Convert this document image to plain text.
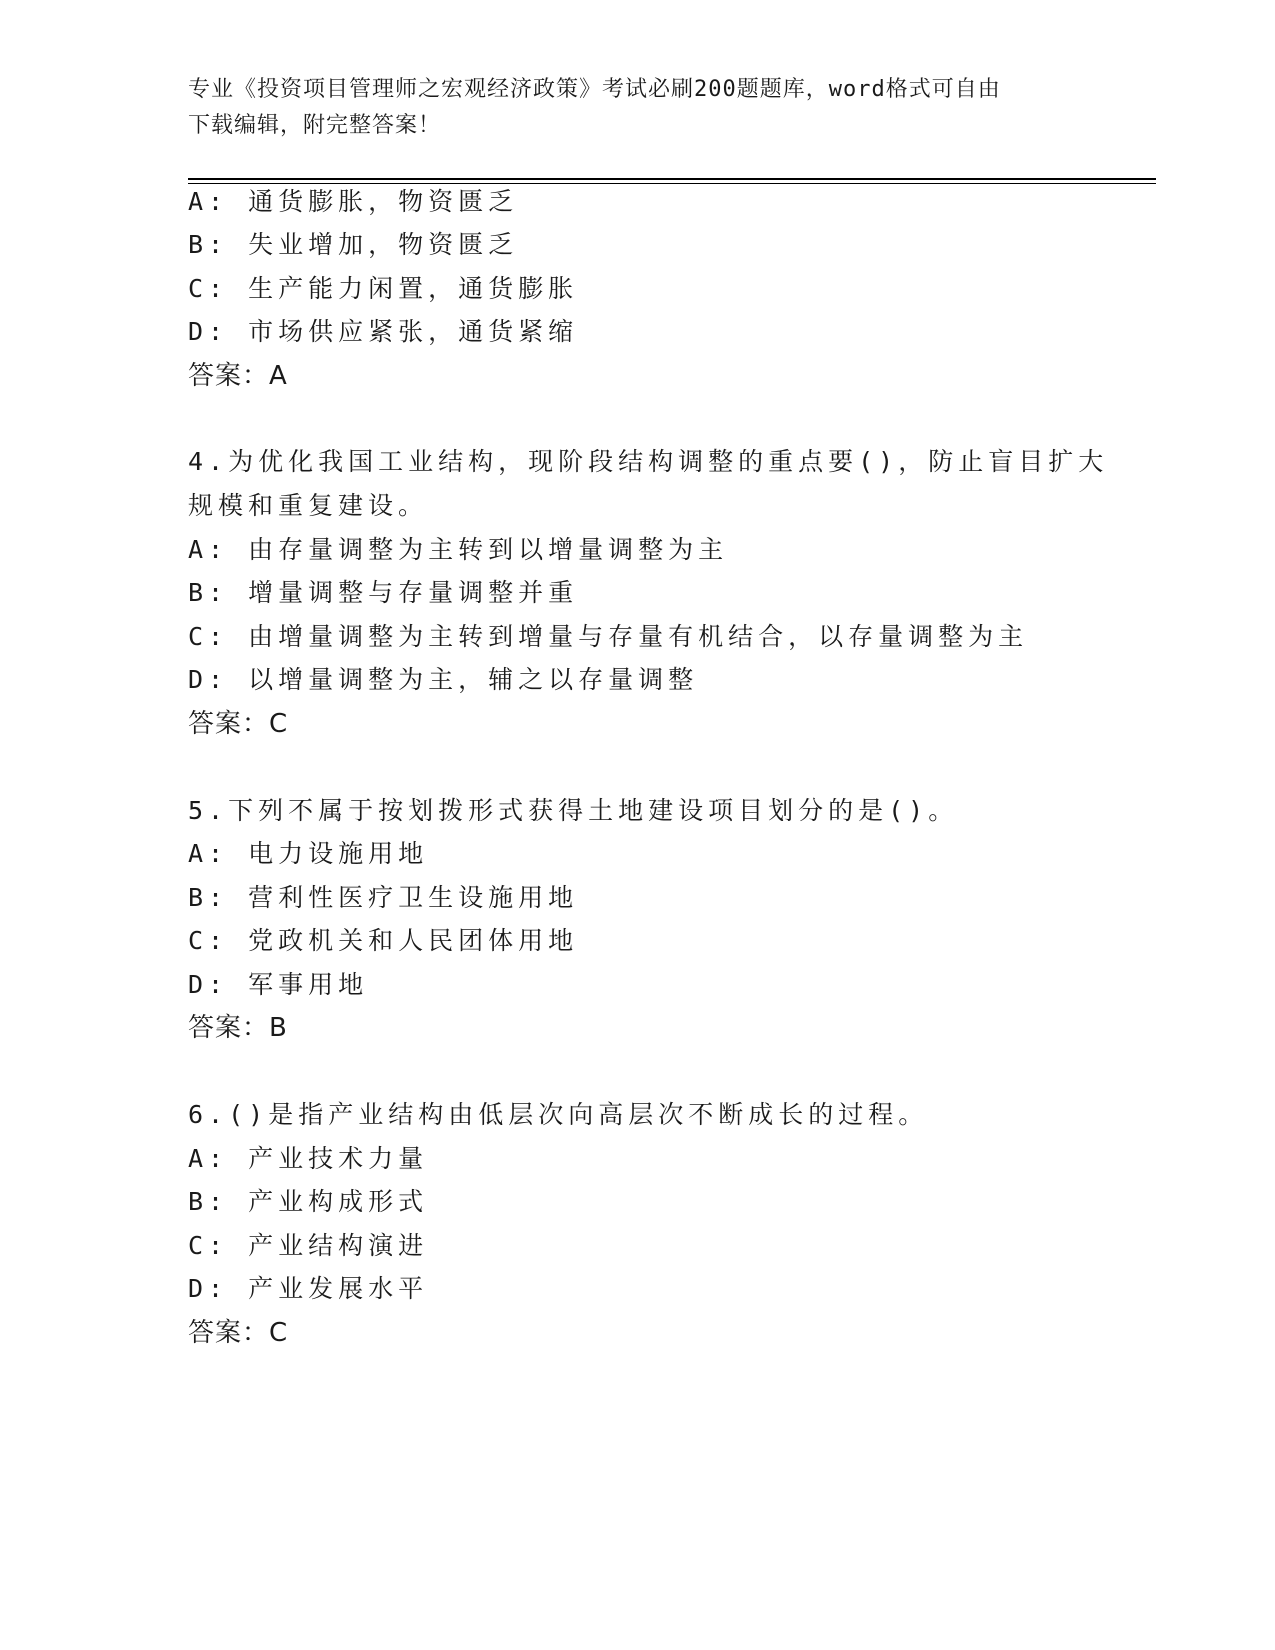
专业《投资项目管理师之宏观经济政策》考试必刷200题题库，word格式可自由
下载编辑，附完整答案！
A: 通货膨胀，物资匮乏
B: 失业增加，物资匮乏
C: 生产能力闲置，通货膨胀
D: 市场供应紧张，通货紧缩
答案：A
4.为优化我国工业结构，现阶段结构调整的重点要()，防止盲目扩大
规模和重复建设。
A: 由存量调整为主转到以增量调整为主
B: 增量调整与存量调整并重
C: 由增量调整为主转到增量与存量有机结合，以存量调整为主
D: 以增量调整为主，辅之以存量调整
答案：C
5.下列不属于按划拨形式获得土地建设项目划分的是()。
A: 电力设施用地
B: 营利性医疗卫生设施用地
C: 党政机关和人民团体用地
D: 军事用地
答案：B
6.()是指产业结构由低层次向高层次不断成长的过程。
A: 产业技术力量
B: 产业构成形式
C: 产业结构演进
D: 产业发展水平
答案：C
